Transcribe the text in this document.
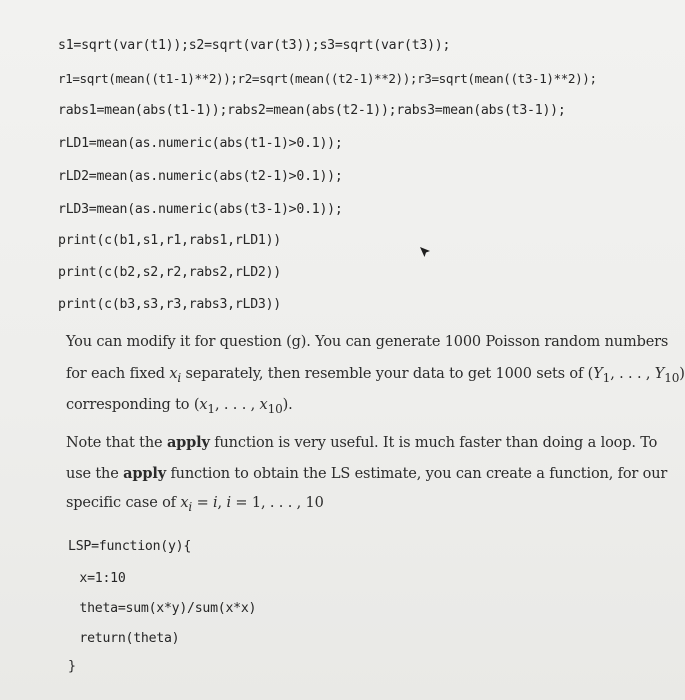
s1=sqrt(var(t1));s2=sqrt(var(t3));s3=sqrt(var(t3));
r1=sqrt(mean((t1-1)**2));r2=sqrt(mean((t2-1)**2));r3=sqrt(mean((t3-1)**2));
rabs1=mean(abs(t1-1));rabs2=mean(abs(t2-1));rabs3=mean(abs(t3-1));
rLD1=mean(as.numeric(abs(t1-1)>0.1));
rLD2=mean(as.numeric(abs(t2-1)>0.1));
rLD3=mean(as.numeric(abs(t3-1)>0.1));
print(c(b1,s1,r1,rabs1,rLD1))
print(c(b2,s2,r2,rabs2,rLD2))
print(c(b3,s3,r3,rabs3,rLD3))
You can modify it for question (g). You can generate 1000 Poisson random numbers
for each fixed $x_i$ separately, then resemble your data to get 1000 sets of ($Y_1$, . . . , $Y_{10}$)
corresponding to ($x_1$, . . . , $x_{10}$).
Note that the apply function is very useful. It is much faster than doing a loop. To
use the apply function to obtain the LS estimate, you can create a function, for our
specific case of $x_i = i$, i = 1, . . . , 10
LSP=function(y){
x=1:10
theta=sum(x*y)/sum(x*x)
return(theta)
}
